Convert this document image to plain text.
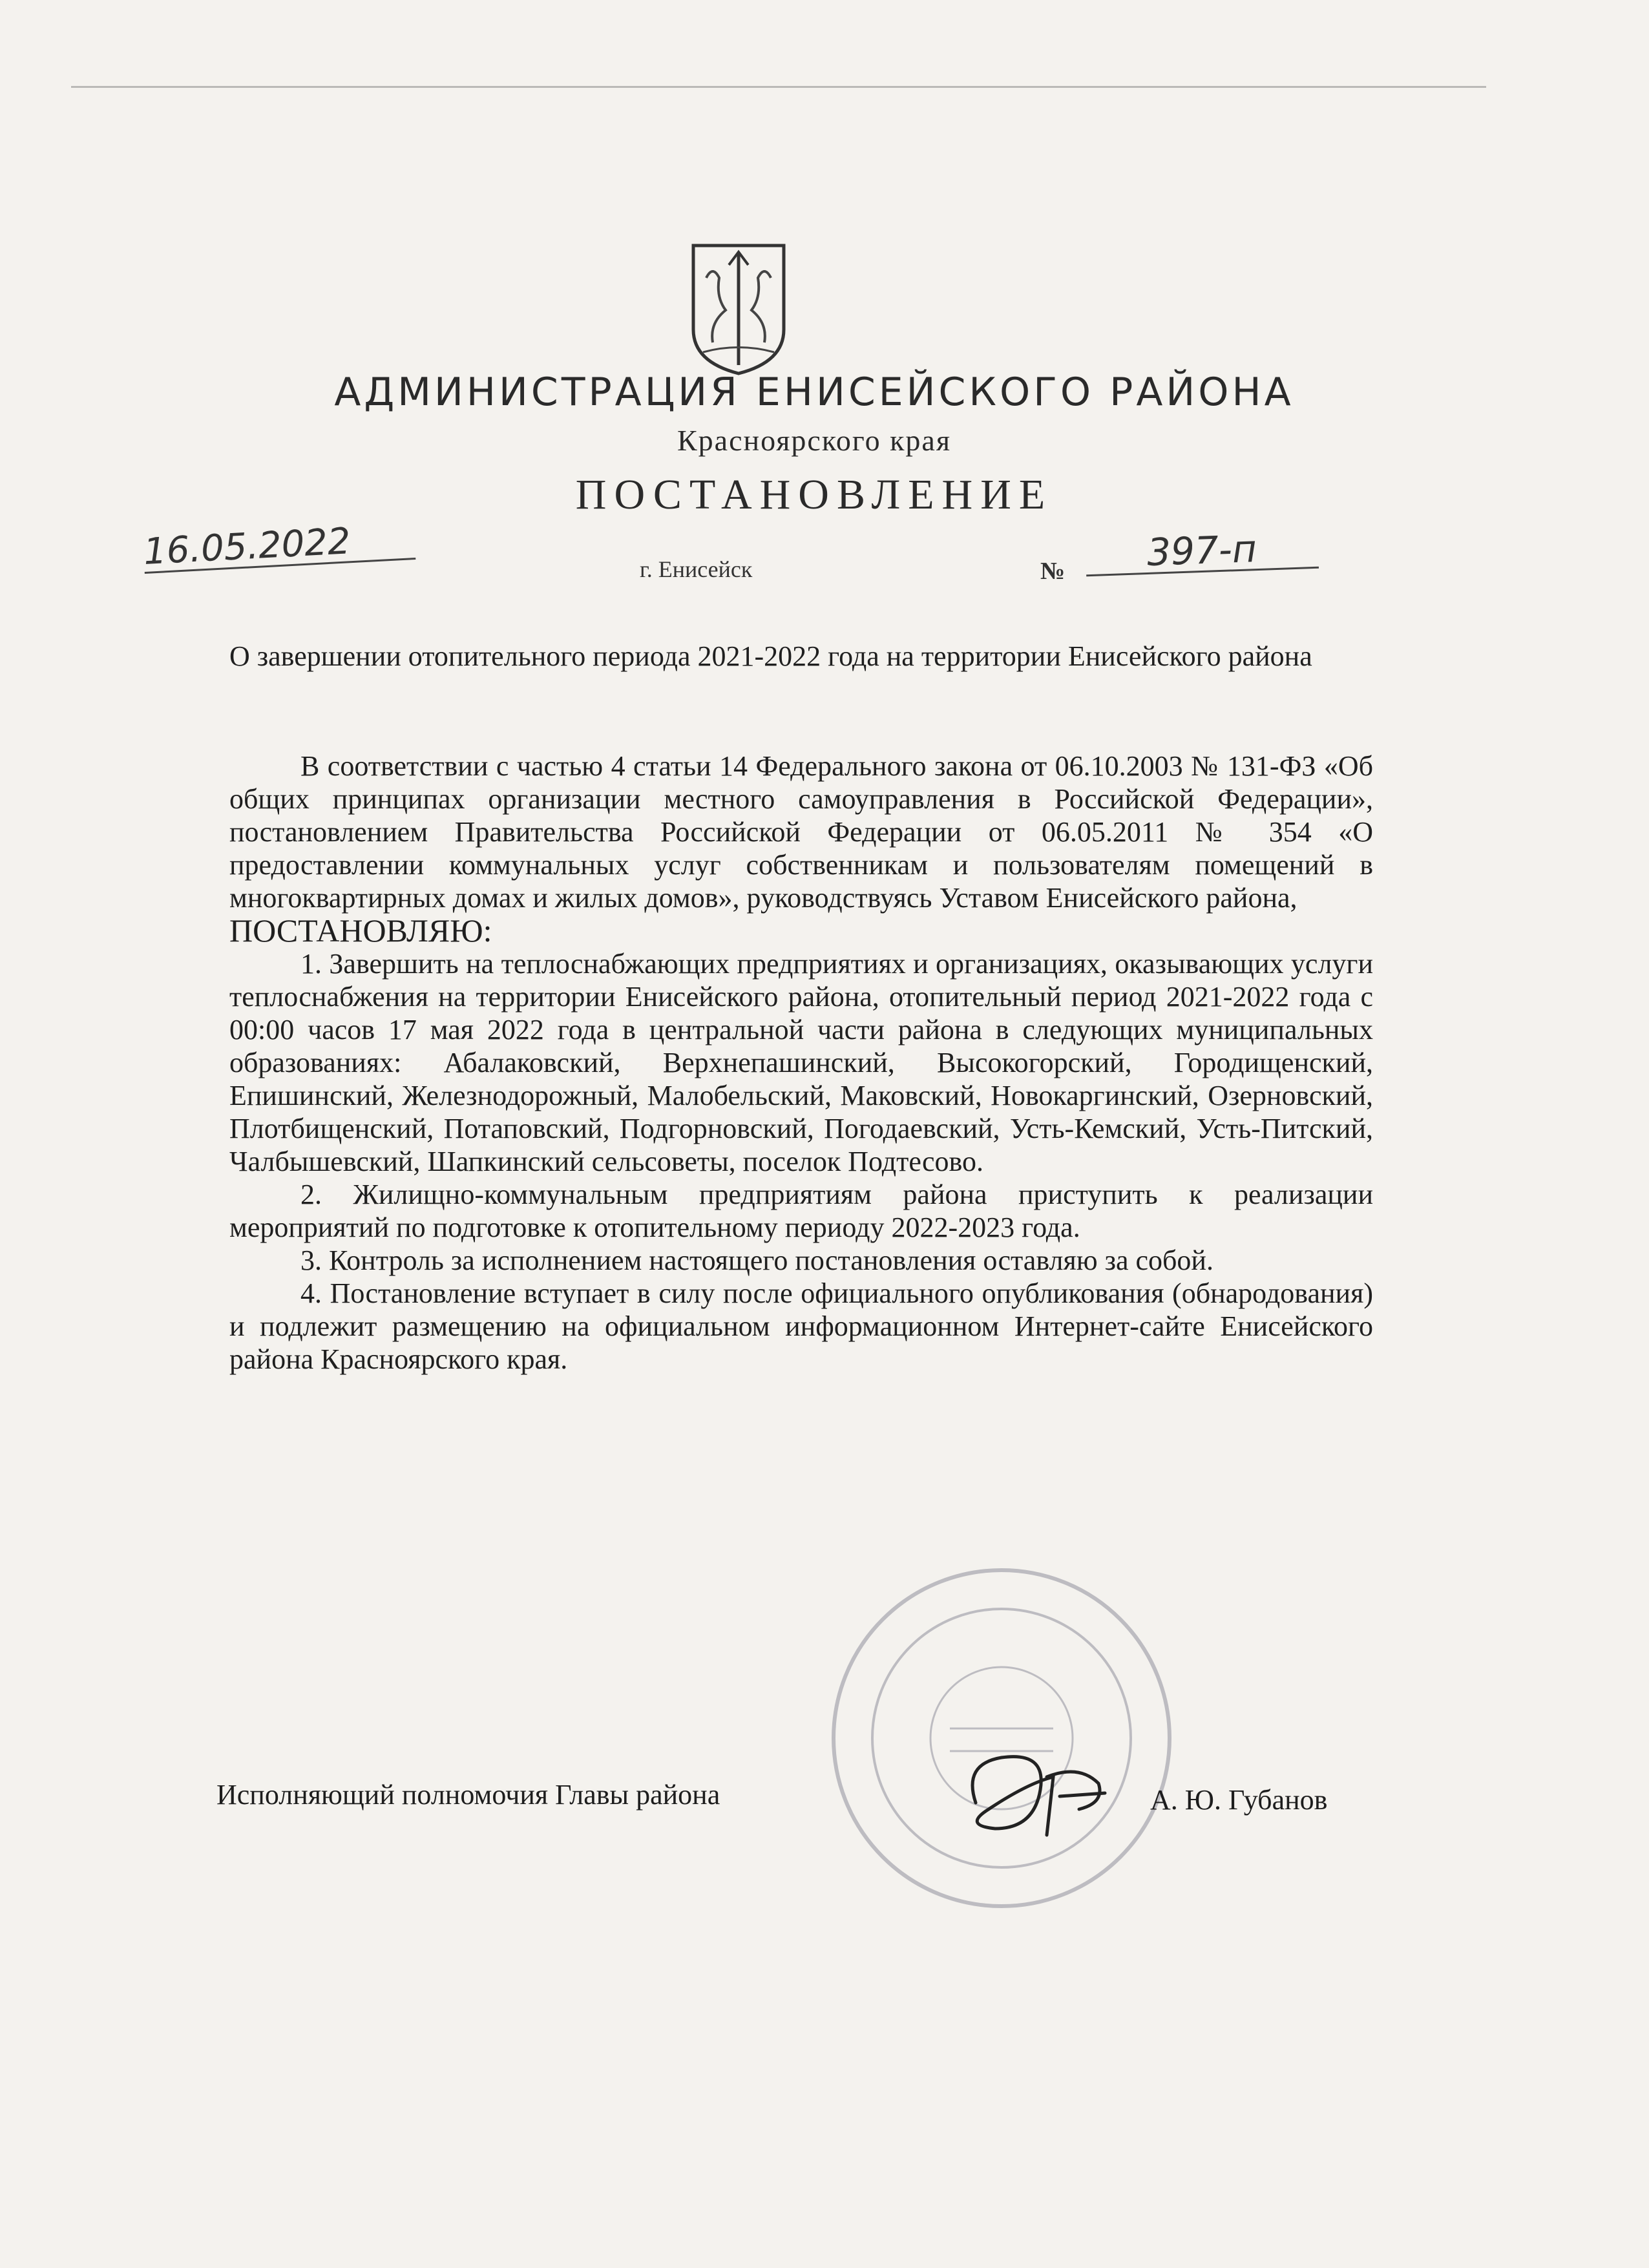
АДМИНИСТРАЦИЯ ЕНИСЕЙСКОГО РАЙОНА
Красноярского края
ПОСТАНОВЛЕНИЕ
16.05.2022	г. Енисейск	№	397-п
О завершении отопительного периода 2021-2022 года на территории Енисейского района

В соответствии с частью 4 статьи 14 Федерального закона от 06.10.2003 № 131-ФЗ «Об общих принципах организации местного самоуправления в Российской Федерации», постановлением Правительства Российской Федерации от 06.05.2011 № 354 «О предоставлении коммунальных услуг собственникам и пользователям помещений в многоквартирных домах и жилых домов», руководствуясь Уставом Енисейского района,

ПОСТАНОВЛЯЮ:

1. Завершить на теплоснабжающих предприятиях и организациях, оказывающих услуги теплоснабжения на территории Енисейского района, отопительный период 2021-2022 года с 00:00 часов 17 мая 2022 года в центральной части района в следующих муниципальных образованиях: Абалаковский, Верхнепашинский, Высокогорский, Городищенский, Епишинский, Железнодорожный, Малобельский, Маковский, Новокаргинский, Озерновский, Плотбищенский, Потаповский, Подгорновский, Погодаевский, Усть-Кемский, Усть-Питский, Чалбышевский, Шапкинский сельсоветы, поселок Подтесово.

2. Жилищно-коммунальным предприятиям района приступить к реализации мероприятий по подготовке к отопительному периоду 2022-2023 года.

3. Контроль за исполнением настоящего постановления оставляю за собой.

4. Постановление вступает в силу после официального опубликования (обнародования) и подлежит размещению на официальном информационном Интернет-сайте Енисейского района Красноярского края.

Исполняющий полномочия Главы района	А. Ю. Губанов
